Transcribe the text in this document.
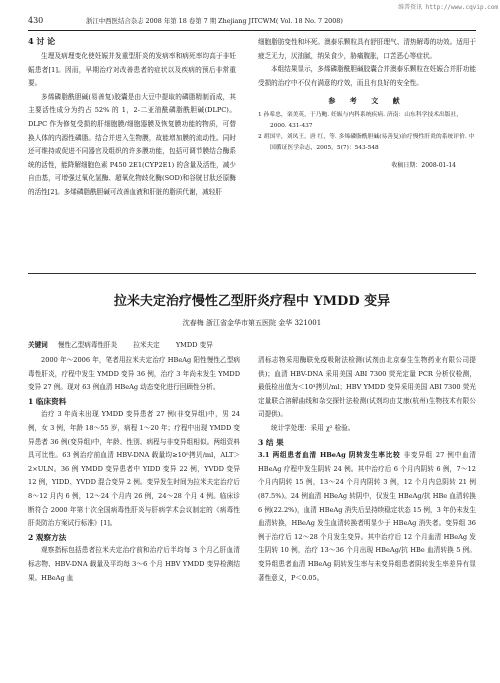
430	浙江中西医结合杂志 2008 年第 18 卷第 7 期 Zhejiang JITCWM( Vol. 18 No. 7 2008)
维普资讯 http://www.cqvip.com
4 讨 论

生理及病理变化使妊娠并发重型肝炎的发病率和病死率均高于非妊娠患者[1]。因而，早期治疗对改善患者的症状以及疾病的预后非常重要。

多烯磷脂酰胆碱(易善复)胶囊是由大豆中提取的磷脂精制而成，其主要活性成分为约占 52% 的 1，2-二亚油酰磷脂酰胆碱(DLPC)。DLPC 作为修复受损的肝细胞膜/细胞器膜及恢复膜功能的物质，可替换人体的内源性磷脂。结合并进入生物膜，故能增加膜的流动性。同时还可维持或促进不同器官及组织的许多膜功能，包括可调节膜结合酶系统的活性，能降解细胞色素 P450 2E1(CYP2E1) 的含量及活性，减少自由基，可增强过氧化氢酶、超氧化物歧化酶(SOD)和谷胱甘肽还原酶的活性[2]。多烯磷脂酰胆碱可改善血液和肝脏的脂质代谢，减轻肝

细胞脂肪变性和坏死。澳泰乐颗粒具有舒肝理气、清热解毒的功效。适用于疲乏无力，厌油腻，纳呆食少，胁痛腹胀，口苦恶心等症状。

本组结果显示，多烯磷脂酰胆碱胶囊合并澳泰乐颗粒在妊娠合并肝功能受损的治疗中不仅有满意的疗效，而且有良好的安全性。

参 考 文 献

1 孙希忠，栾美英，于乃鲍. 妊娠与内科系统疾病. 济南：山东科学技术出版社，2000. 431-437

2 胡国平，刘凤王，唐 红，等. 多烯磷脂酰胆碱(易善复)治疗慢性肝炎的系统评价. 中国循证医学杂志，2005，5(7)：543-548

收稿日期：2008-01-14
拉米夫定治疗慢性乙型肝炎疗程中 YMDD 变异
沈春梅 浙江省金华市第五医院 金华 321001
关键词 慢性乙型病毒性肝炎 拉米夫定 YMDD 变异

2000 年～2006 年，笔者用拉米夫定治疗 HBeAg 阳性慢性乙型病毒性肝炎，疗程中发生 YMDD 变异 36 例，治疗 3 年尚未发生 YMDD 变异 27 例。现对 63 例血清 HBeAg 动态变化进行回顾性分析。

1 临床资料

治疗 3 年尚未出现 YMDD 变异患者 27 例(非变异组)中，男 24 例，女 3 例，年龄 18～55 岁，病程 1～20 年；疗程中出现 YMDD 变异患者 36 例(变异组)中，年龄、性别、病程与非变异组相似。两组资料具可比性。63 例治疗前血清 HBV-DNA 载量均≥10⁵拷贝/ml，ALT＞2×ULN。36 例 YMDD 变异患者中 YIDD 变异 22 例，YVDD 变异 12 例，YIDD、YVDD 混合变异 2 例。变异发生时间为拉米夫定治疗后 8～12 月内 6 例，12～24 个月内 26 例，24～28 个月 4 例。临床诊断符合 2000 年第十次全国病毒性肝炎与肝病学术会议制定的《病毒性肝炎防治方案试行标准》[1]。

2 观察方法

观察指标包括患者拉米夫定治疗前和治疗后半均每 3 个月乙肝血清标志物、HBV-DNA 载量及平均每 3～6 个月 HBV YMDD 变异检测结果。HBeAg 血

清标志物采用酶联免疫吸附法检测(试剂由北京泰生生物药业有限公司提供)；血清 HBV-DNA 采用美国 ABI 7300 荧光定量 PCR 分析仪检测，最低检出值为＜10³拷贝/ml；HBV YMDD 变异采用美国 ABI 7300 荧光定量联合溶解曲线和杂交探针法检测(试剂均由艾康(杭州)生物技术有限公司提供)。

统计学处理：采用 χ² 检验。

3 结 果

3.1 两组患者血清 HBeAg 阴转发生率比较 非变异组 27 例中血清 HBeAg 疗程中发生阴转 24 例。其中治疗后 6 个月内阴转 6 例，7～12 个月内阴转 15 例，13～24 个月内阴转 3 例，12 个月内总阴转 21 例(87.5%)。24 例血清 HBeAg 转阴中，仅发生 HBeAg/抗 HBe 血清转换 6 例(22.2%)，血清 HBeAg 消失后呈持续稳定状态 15 例，3 年仍未发生血清转换，HBeAg 发生血清转换者明显少于 HBeAg 消失者。变异组 36 例于治疗后 12～28 个月发生变异。其中治疗后 12 个月血清 HBeAg 发生阴转 10 例，治疗 13～36 个月出现 HBeAg/抗 HBe 血清转换 5 例。变异组患者血清 HBeAg 阴转发生率与未变异组患者阴转发生率差异有显著性意义，P＜0.05。
